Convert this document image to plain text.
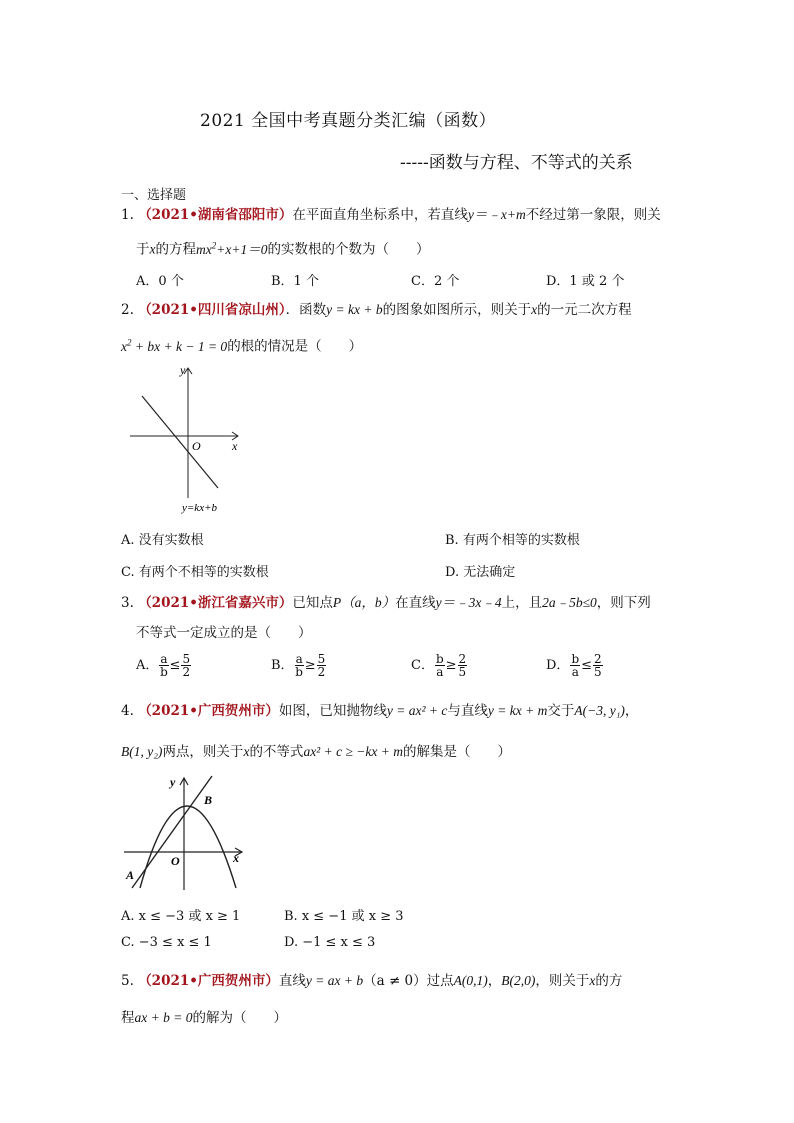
2021 全国中考真题分类汇编（函数）
-----函数与方程、不等式的关系
一、选择题
1. （2021•湖南省邵阳市）在平面直角坐标系中，若直线y＝﹣x+m不经过第一象限，则关
于x的方程$mx^2+x+1=0$的实数根的个数为（　　）
A．0 个	B．1 个	C．2 个	D．1 或 2 个
2. （2021•四川省凉山州）．函数y = kx + b的图象如图所示，则关于x的一元二次方程
$x^2$ + bx + k − 1 = 0的根的情况是（　　）
y
x
O
y=kx+b
A. 没有实数根	B. 有两个相等的实数根
C. 有两个不相等的实数根	D. 无法确定
3. （2021•浙江省嘉兴市）已知点P（a，b）在直线y＝﹣3x﹣4上，且2a﹣5b≤0，则下列
不等式一定成立的是（　　）
A． $\frac{a}{b} \le \frac{5}{2}$	B． $\frac{a}{b} \ge \frac{5}{2}$	C． $\frac{b}{a} \ge \frac{2}{5}$	D． $\frac{b}{a} \le \frac{2}{5}$
4. （2021•广西贺州市）如图，已知抛物线y = ax² + c与直线y = kx + m交于A(−3, y₁)，
B(1, y₂)两点，则关于x的不等式ax² + c ≥ −kx + m的解集是（　　）
y
x
O
A
B
A. x ≤ −3 或 x ≥ 1	B. x ≤ −1 或 x ≥ 3
C. −3 ≤ x ≤ 1	D. −1 ≤ x ≤ 3
5. （2021•广西贺州市）直线y = ax + b（a ≠ 0）过点A(0,1)，B(2,0)，则关于x的方
程ax + b = 0的解为（　　）
